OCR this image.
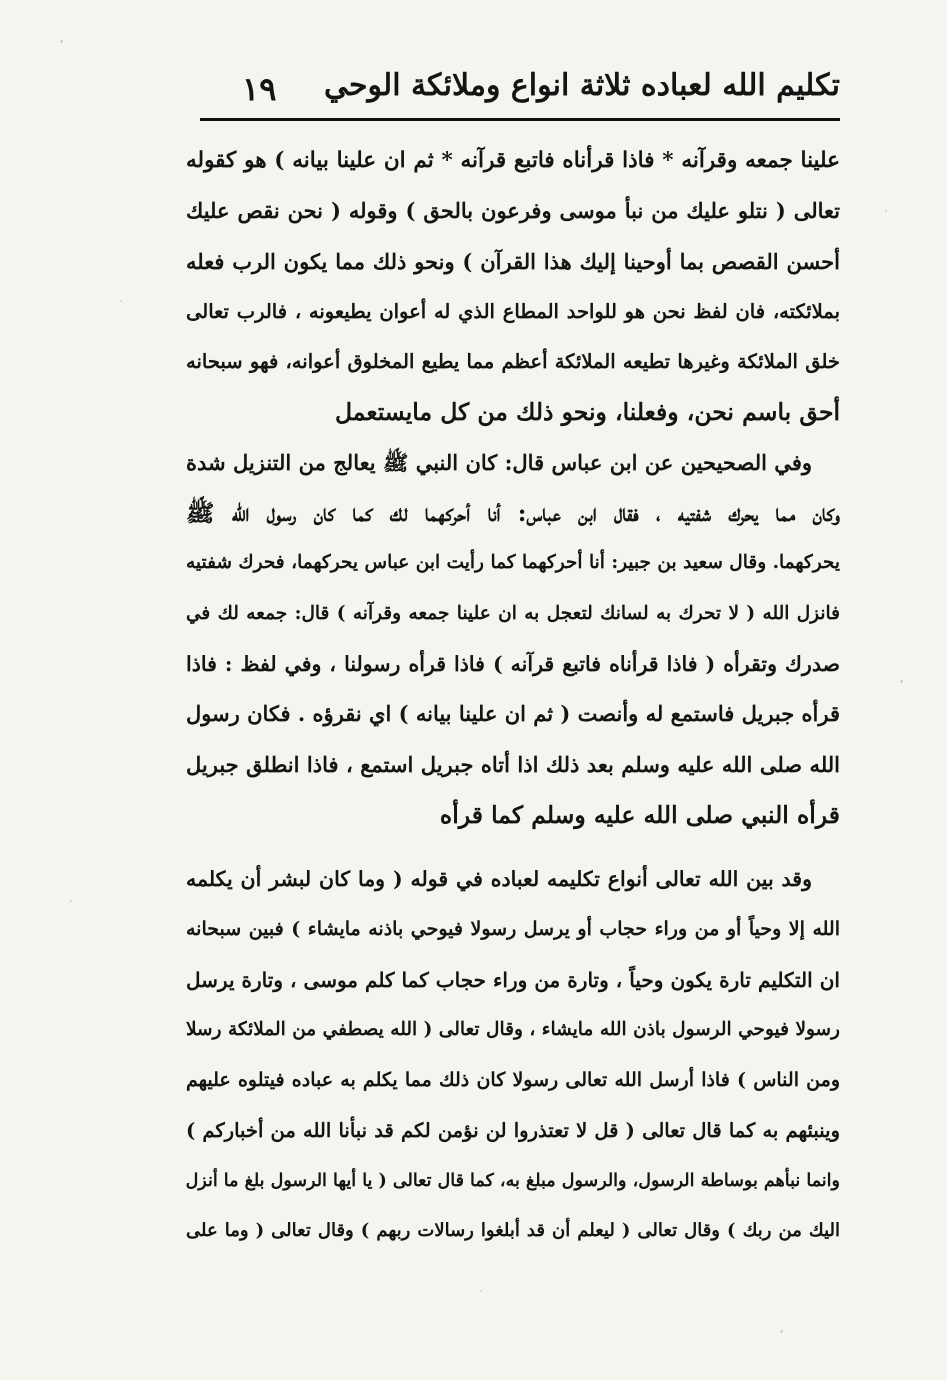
تكليم الله لعباده ثلاثة انواع وملائكة الوحي
١٩
علينا جمعه وقرآنه * فاذا قرأناه فاتبع قرآنه * ثم ان علينا بيانه ) هو كقوله
تعالى ( نتلو عليك من نبأ موسى وفرعون بالحق ) وقوله ( نحن نقص عليك
أحسن القصص بما أوحينا إليك هذا القرآن ) ونحو ذلك مما يكون الرب فعله
بملائكته، فان لفظ نحن هو للواحد المطاع الذي له أعوان يطيعونه ، فالرب تعالى
خلق الملائكة وغيرها تطيعه الملائكة أعظم مما يطيع المخلوق أعوانه، فهو سبحانه
أحق باسم نحن، وفعلنا، ونحو ذلك من كل مايستعمل
وفي الصحيحين عن ابن عباس قال: كان النبي ﷺ يعالج من التنزيل شدة
وكان مما يحرك شفتيه ، فقال ابن عباس: أنا أحركهما لك كما كان رسول الله ﷺ
يحركهما. وقال سعيد بن جبير: أنا أحركهما كما رأيت ابن عباس يحركهما، فحرك شفتيه
فانزل الله ( لا تحرك به لسانك لتعجل به ان علينا جمعه وقرآنه ) قال: جمعه لك في
صدرك وتقرأه ( فاذا قرأناه فاتبع قرآنه ) فاذا قرأه رسولنا ، وفي لفظ : فاذا
قرأه جبريل فاستمع له وأنصت ( ثم ان علينا بيانه ) اي نقرؤه . فكان رسول
الله صلى الله عليه وسلم بعد ذلك اذا أتاه جبريل استمع ، فاذا انطلق جبريل
قرأه النبي صلى الله عليه وسلم كما قرأه
وقد بين الله تعالى أنواع تكليمه لعباده في قوله ( وما كان لبشر أن يكلمه
الله إلا وحياً أو من وراء حجاب أو يرسل رسولا فيوحي باذنه مايشاء ) فبين سبحانه
ان التكليم تارة يكون وحياً ، وتارة من وراء حجاب كما كلم موسى ، وتارة يرسل
رسولا فيوحي الرسول باذن الله مايشاء ، وقال تعالى ( الله يصطفي من الملائكة رسلا
ومن الناس ) فاذا أرسل الله تعالى رسولا كان ذلك مما يكلم به عباده فيتلوه عليهم
وينبئهم به كما قال تعالى ( قل لا تعتذروا لن نؤمن لكم قد نبأنا الله من أخباركم )
وانما نبأهم بوساطة الرسول، والرسول مبلغ به، كما قال تعالى ( يا أيها الرسول بلغ ما أنزل
اليك من ربك ) وقال تعالى ( ليعلم أن قد أبلغوا رسالات ربهم ) وقال تعالى ( وما على
